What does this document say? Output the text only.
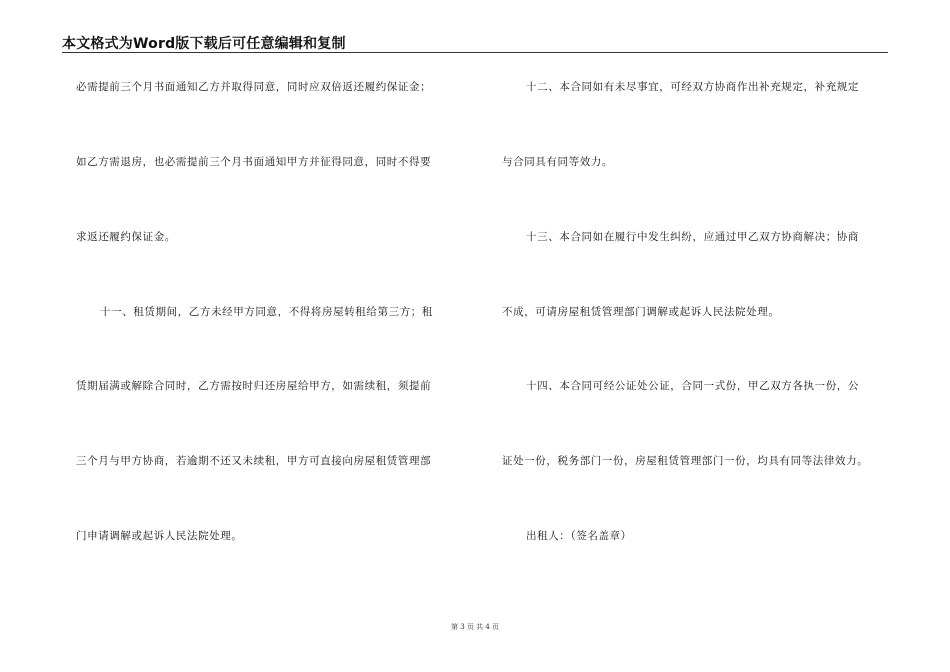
本文格式为Word版下载后可任意编辑和复制
必需提前三个月书面通知乙方并取得同意，同时应双倍返还履约保证金；
如乙方需退房，也必需提前三个月书面通知甲方并征得同意，同时不得要
求返还履约保证金。
十一、租赁期间，乙方未经甲方同意，不得将房屋转租给第三方；租
赁期届满或解除合同时，乙方需按时归还房屋给甲方，如需续租，须提前
三个月与甲方协商，若逾期不还又未续租，甲方可直接向房屋租赁管理部
门申请调解或起诉人民法院处理。
十二、本合同如有未尽事宜，可经双方协商作出补充规定，补充规定
与合同具有同等效力。
十三、本合同如在履行中发生纠纷，应通过甲乙双方协商解决；协商
不成，可请房屋租赁管理部门调解或起诉人民法院处理。
十四、本合同可经公证处公证，合同一式份，甲乙双方各执一份，公
证处一份，税务部门一份，房屋租赁管理部门一份，均具有同等法律效力。
出租人：（签名盖章）
第 3 页 共 4 页
